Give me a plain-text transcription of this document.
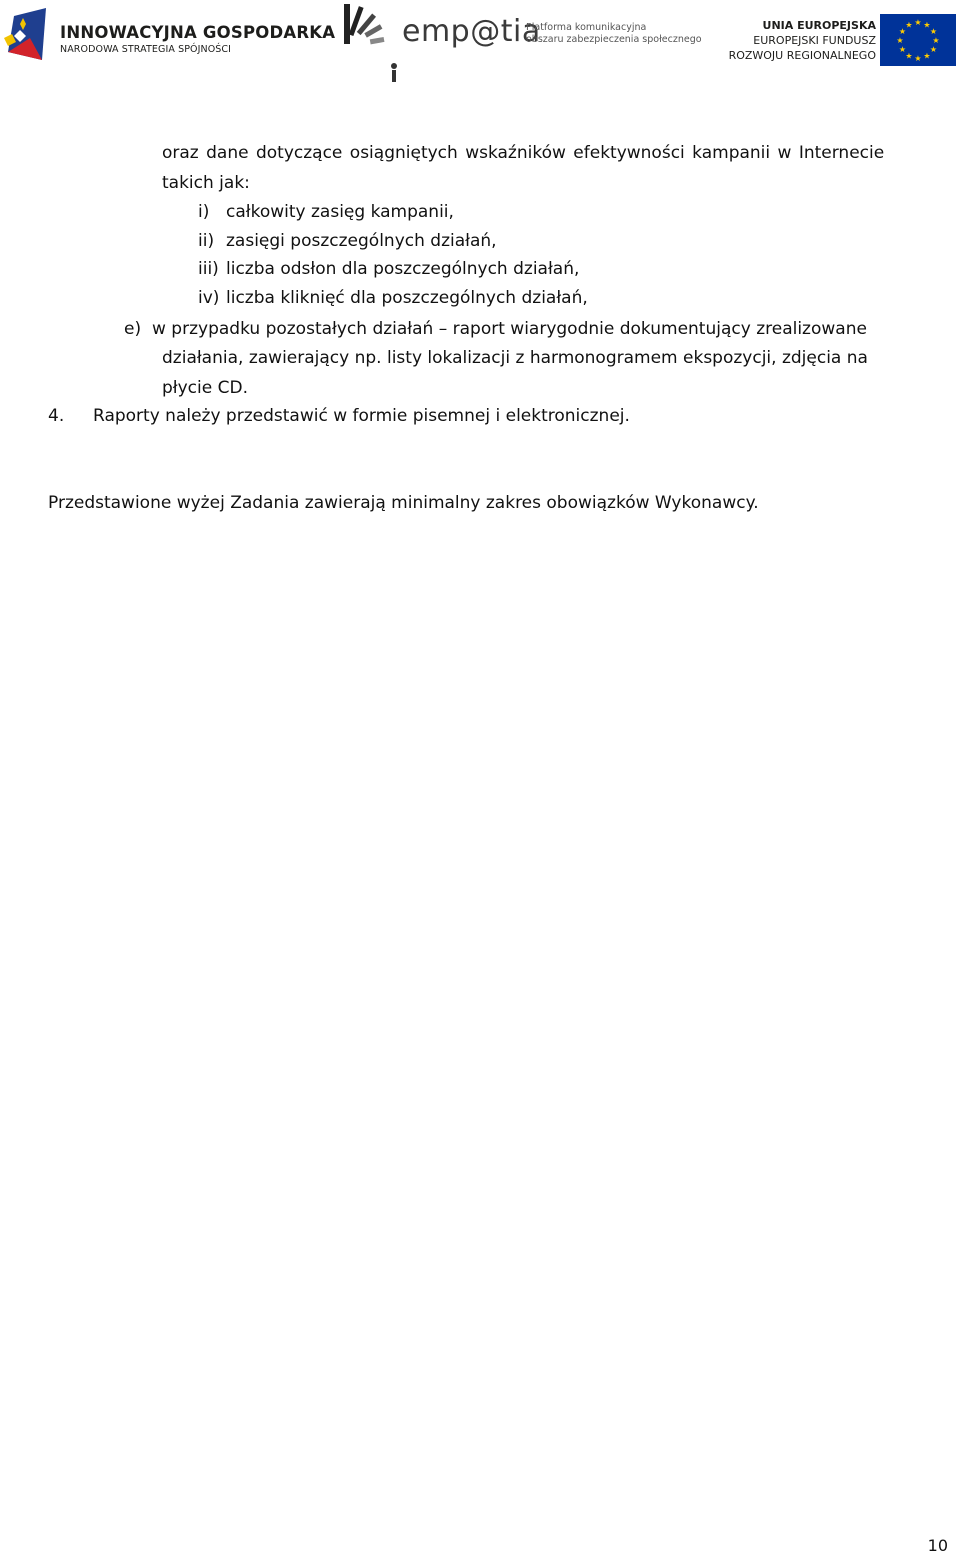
INNOWACYJNA GOSPODARKA
NARODOWA STRATEGIA SPÓJNOŚCI
emp@tia
Platforma komunikacyjna
obszaru zabezpieczenia społecznego
UNIA EUROPEJSKA
EUROPEJSKI FUNDUSZ
ROZWOJU REGIONALNEGO
★ ★
★
★
★
★
★
★
★
★
★
★
oraz dane dotyczące osiągniętych wskaźników efektywności kampanii w Internecie
takich jak:
i) całkowity zasięg kampanii,
ii) zasięgi poszczególnych działań,
iii) liczba odsłon dla poszczególnych działań,
iv) liczba kliknięć dla poszczególnych działań,
e) w przypadku pozostałych działań – raport wiarygodnie dokumentujący zrealizowane
działania, zawierający np. listy lokalizacji z harmonogramem ekspozycji, zdjęcia na
płycie CD.
4. Raporty należy przedstawić w formie pisemnej i elektronicznej.
Przedstawione wyżej Zadania zawierają minimalny zakres obowiązków Wykonawcy.
10
